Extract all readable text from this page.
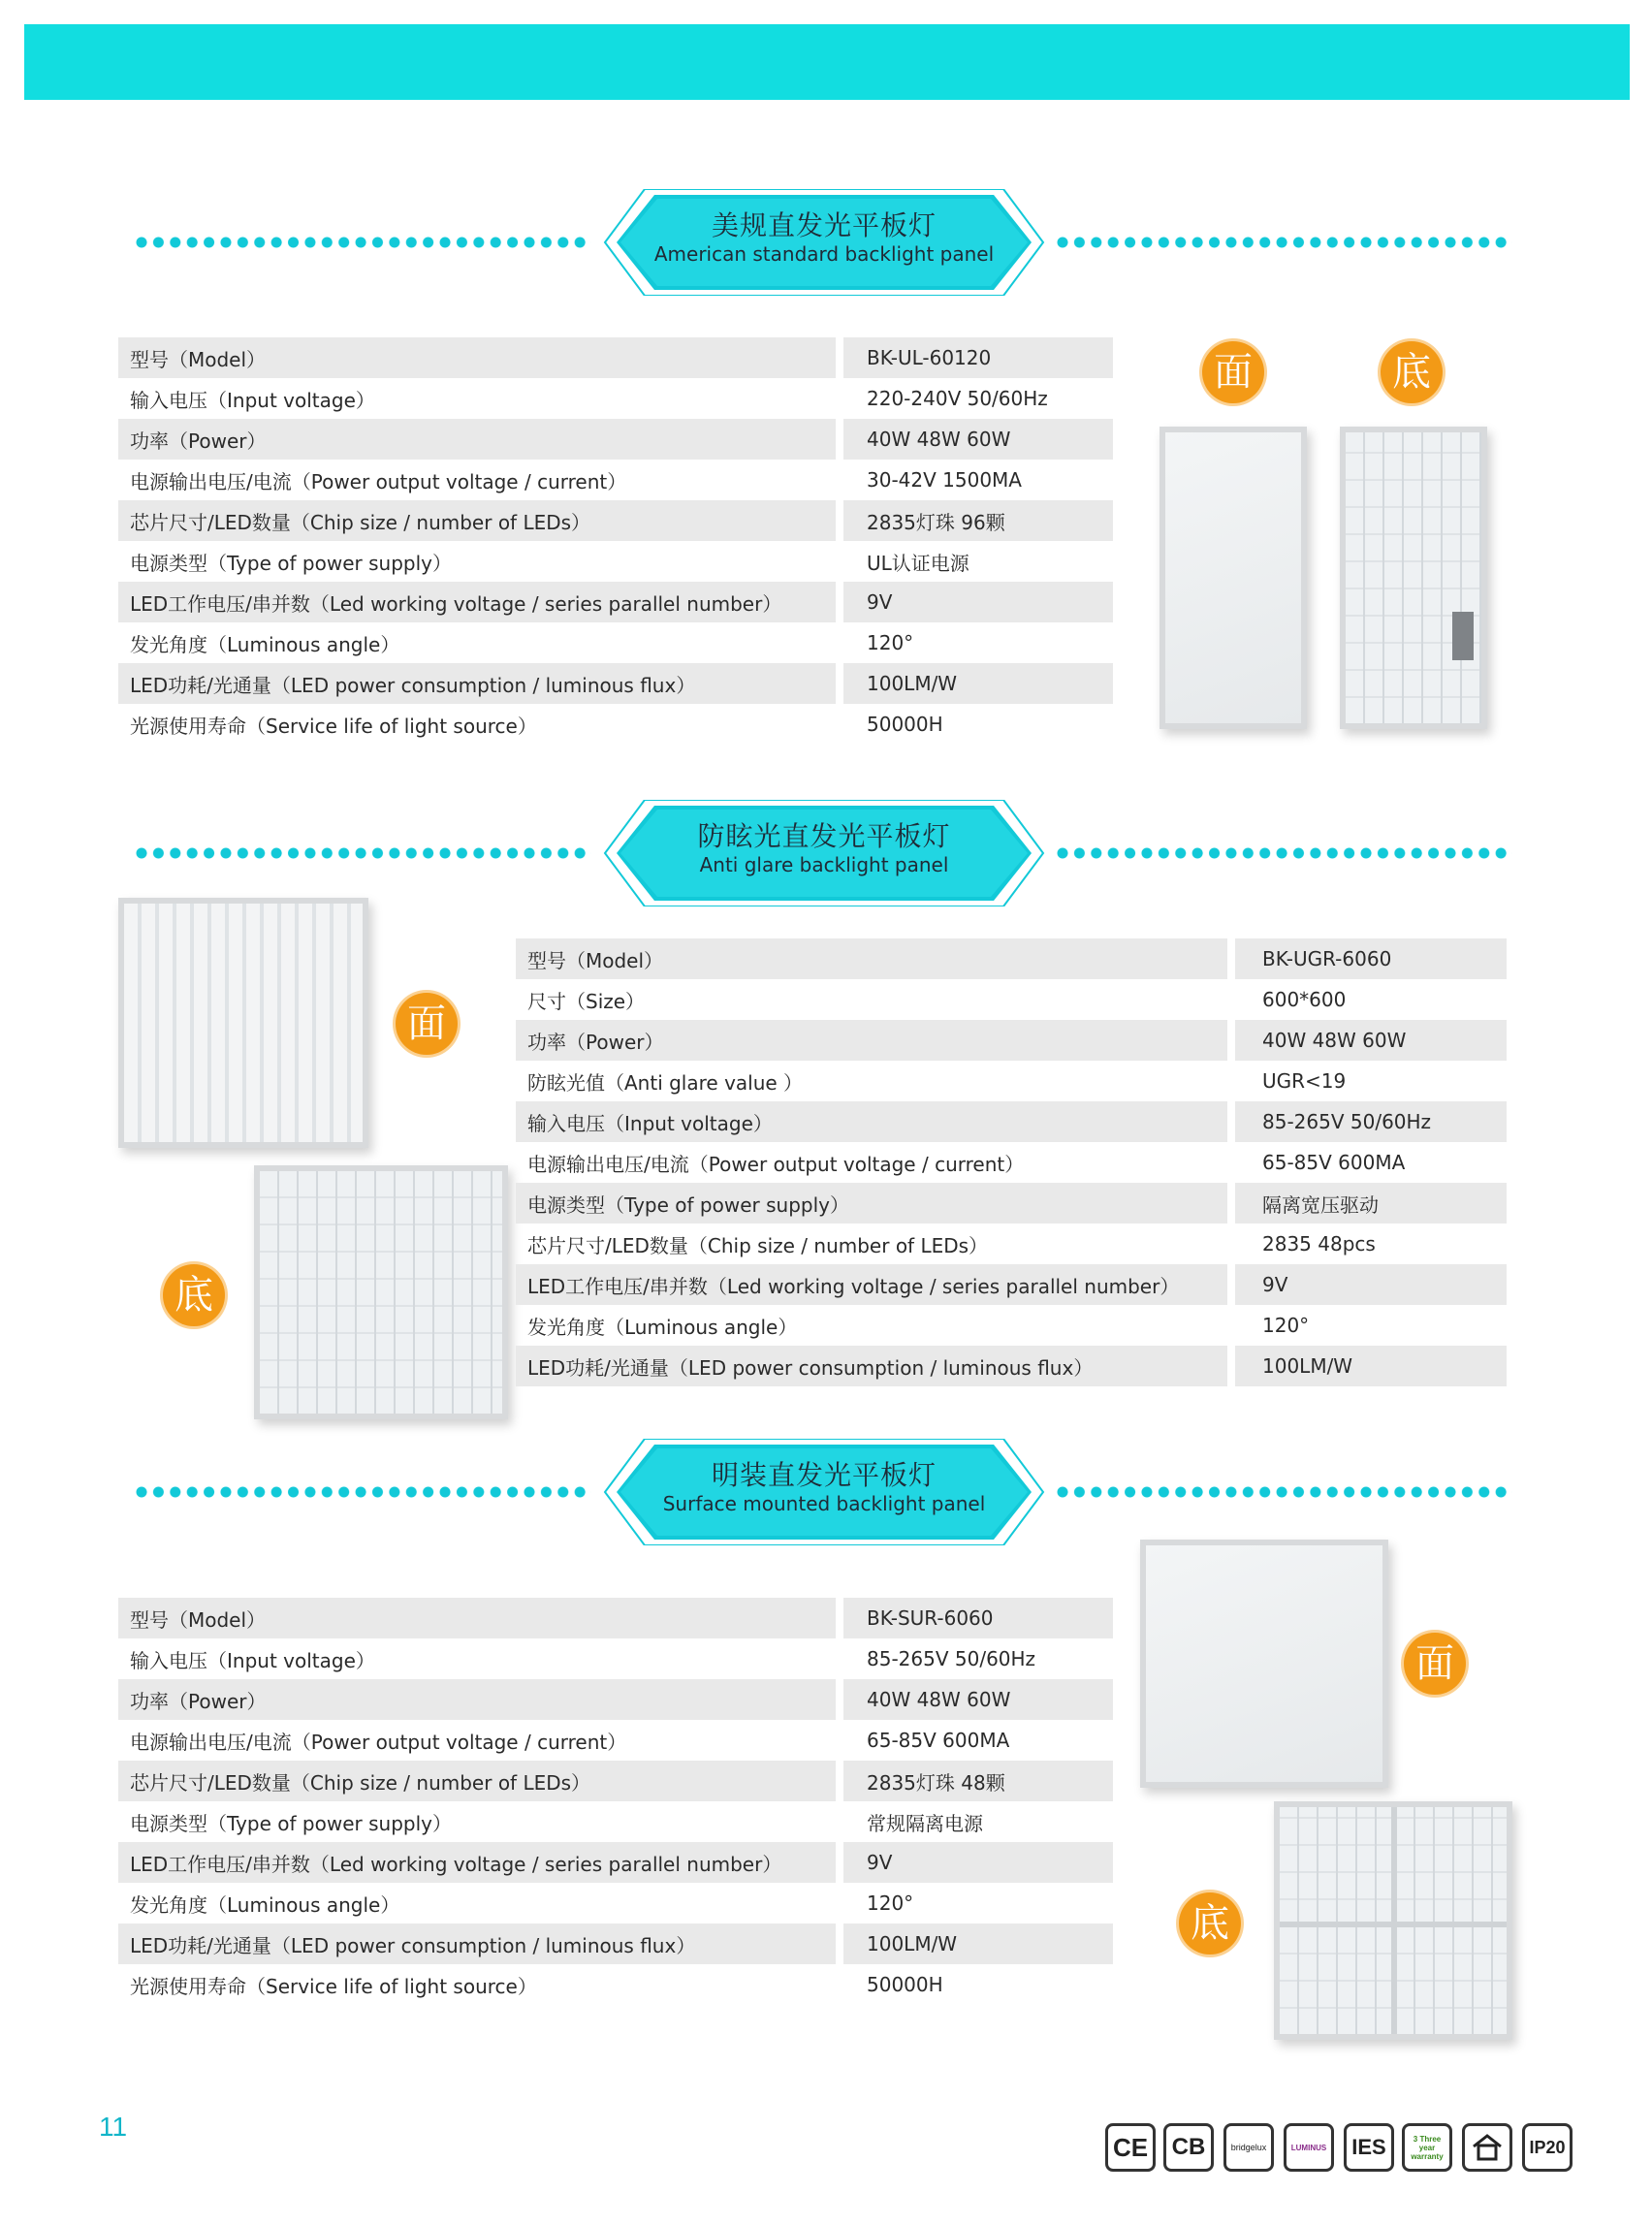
美规直发光平板灯
American standard backlight panel
型号（Model）	BK-UL-60120
输入电压（Input voltage）	220-240V 50/60Hz
功率（Power）	40W 48W 60W
电源输出电压/电流（Power output voltage / current）	30-42V 1500MA
芯片尺寸/LED数量（Chip size / number of LEDs）	2835灯珠 96颗
电源类型（Type of power supply）	UL认证电源
LED工作电压/串并数（Led working voltage / series parallel number）	9V
发光角度（Luminous angle）	120°
LED功耗/光通量（LED power consumption / luminous flux）	100LM/W
光源使用寿命（Service life of light source）	50000H
面	底
防眩光直发光平板灯
Anti glare backlight panel
面
底
型号（Model）	BK-UGR-6060
尺寸（Size）	600*600
功率（Power）	40W 48W 60W
防眩光值（Anti glare value ）	UGR<19
输入电压（Input voltage）	85-265V 50/60Hz
电源输出电压/电流（Power output voltage / current）	65-85V 600MA
电源类型（Type of power supply）	隔离宽压驱动
芯片尺寸/LED数量（Chip size / number of LEDs）	2835 48pcs
LED工作电压/串并数（Led working voltage / series parallel number）	9V
发光角度（Luminous angle）	120°
LED功耗/光通量（LED power consumption / luminous flux）	100LM/W
明装直发光平板灯
Surface mounted backlight panel
型号（Model）	BK-SUR-6060
输入电压（Input voltage）	85-265V 50/60Hz
功率（Power）	40W 48W 60W
电源输出电压/电流（Power output voltage / current）	65-85V 600MA
芯片尺寸/LED数量（Chip size / number of LEDs）	2835灯珠 48颗
电源类型（Type of power supply）	常规隔离电源
LED工作电压/串并数（Led working voltage / series parallel number）	9V
发光角度（Luminous angle）	120°
LED功耗/光通量（LED power consumption / luminous flux）	100LM/W
光源使用寿命（Service life of light source）	50000H
面
底
11
CE	CB	bridgelux	LUMINUS	IES	3 Three year warranty	IP20
